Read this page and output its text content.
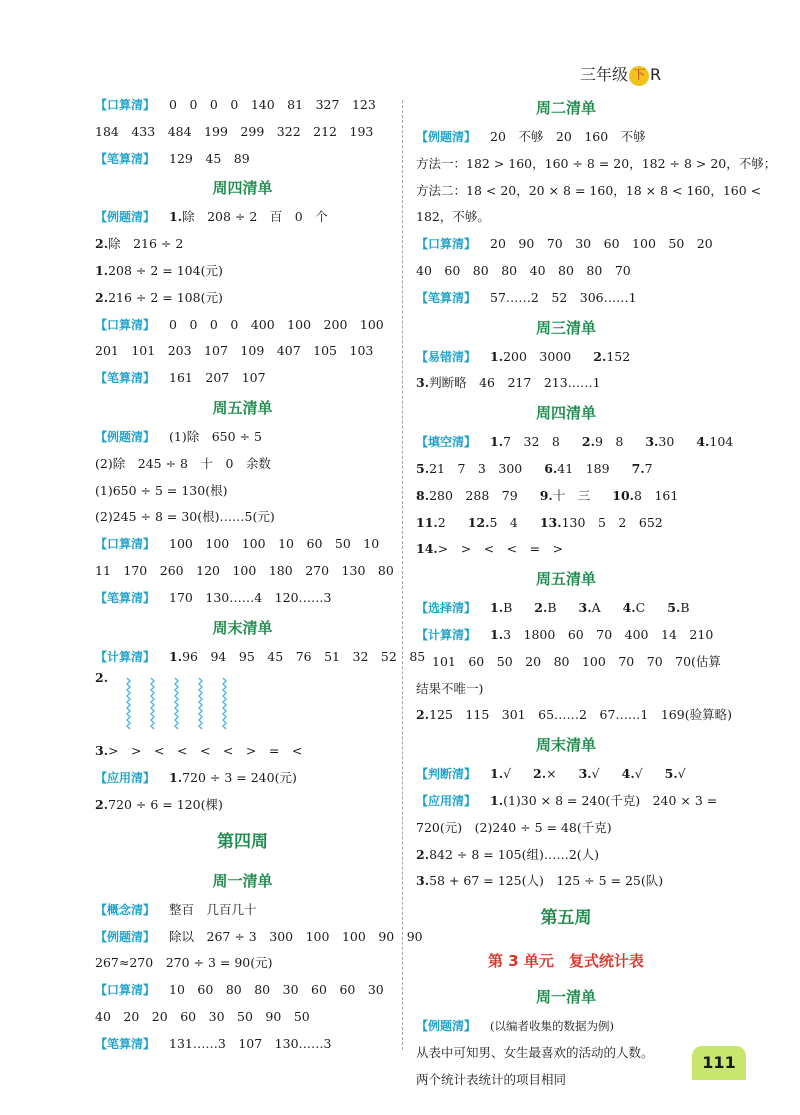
三年级 下 R
【口算清】 0　0　0　0　140　81　327　123
184　433　484　199　299　322　212　193
【笔算清】 129　45　89
周四清单
【例题清】 1.除　208 ÷ 2　百　0　个
2.除　216 ÷ 2
1.208 ÷ 2 = 104(元)
2.216 ÷ 2 = 108(元)
【口算清】 0　0　0　0　400　100　200　100
201　101　203　107　109　407　105　103
【笔算清】 161　207　107
周五清单
【例题清】 (1)除　650 ÷ 5
(2)除　245 ÷ 8　十　0　余数
(1)650 ÷ 5 = 130(根)
(2)245 ÷ 8 = 30(根)……5(元)
【口算清】 100　100　100　10　60　50　10
11　170　260　120　100　180　270　130　80
【笔算清】 170　130……4　120……3
周末清单
【计算清】 1.96　94　95　45　76　51　32　52　85
2.
3.>　>　<　<　<　<　>　=　<
【应用清】 1.720 ÷ 3 = 240(元)
2.720 ÷ 6 = 120(棵)
第四周
周一清单
【概念清】 整百　几百几十
【例题清】 除以　267 ÷ 3　300　100　100　90　90
267≈270　270 ÷ 3 = 90(元)
【口算清】 10　60　80　80　30　60　60　30
40　20　20　60　30　50　90　50
【笔算清】 131……3　107　130……3
周二清单
【例题清】 20　不够　20　160　不够
方法一：182 > 160，160 ÷ 8 = 20，182 ÷ 8 > 20，不够；
方法二：18 < 20，20 × 8 = 160，18 × 8 < 160，160 <
182，不够。
【口算清】 20　90　70　30　60　100　50　20
40　60　80　80　40　80　80　70
【笔算清】 57……2　52　306……1
周三清单
【易错清】 1.200　3000 2.152
3.判断略　46　217　213……1
周四清单
【填空清】 1.7　32　8 2.9　8 3.30 4.104
5.21　7　3　300 6.41　189 7.7
8.280　288　79 9.十　三 10.8　161
11.2 12.5　4 13.130　5　2　652
14.>　>　<　<　=　>
周五清单
【选择清】 1.B 2.B 3.A 4.C 5.B
【计算清】 1.3　1800　60　70　400　14　210
101　60　50　20　80　100　70　70　70(估算
结果不唯一)
2.125　115　301　65……2　67……1　169(验算略)
周末清单
【判断清】 1.√ 2.× 3.√ 4.√ 5.√
【应用清】 1.(1)30 × 8 = 240(千克)　240 × 3 =
720(元)　(2)240 ÷ 5 = 48(千克)
2.842 ÷ 8 = 105(组)……2(人)
3.58 + 67 = 125(人)　125 ÷ 5 = 25(队)
第五周
第 3 单元　复式统计表
周一清单
【例题清】 (以编者收集的数据为例)
从表中可知男、女生最喜欢的活动的人数。
两个统计表统计的项目相同
111
